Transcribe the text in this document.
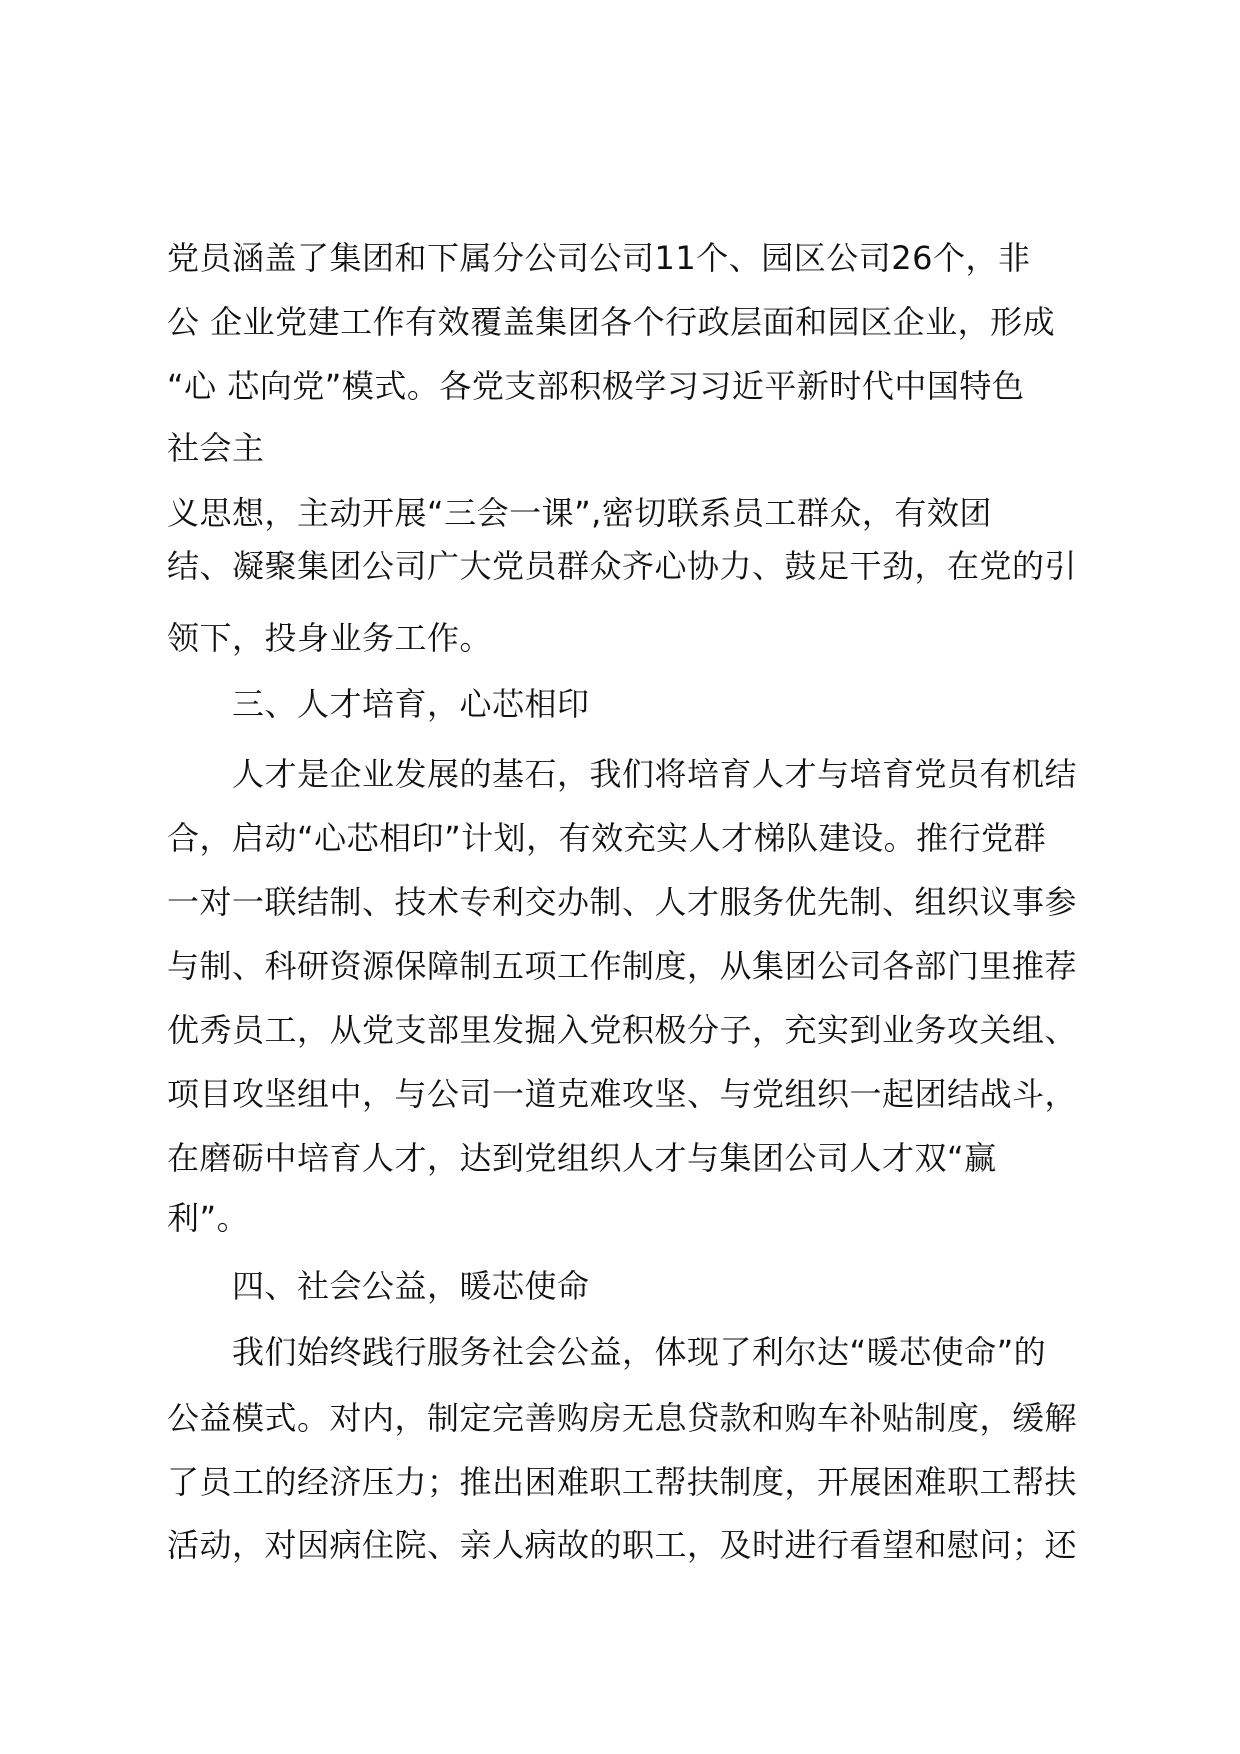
党员涵盖了集团和下属分公司公司11个、园区公司26个，非
公 企业党建工作有效覆盖集团各个行政层面和园区企业，形成
“心 芯向党”模式。各党支部积极学习习近平新时代中国特色
社会主
义思想，主动开展“三会一课”,密切联系员工群众，有效团
结、凝聚集团公司广大党员群众齐心协力、鼓足干劲，在党的引
领下，投身业务工作。
三、人才培育，心芯相印
人才是企业发展的基石，我们将培育人才与培育党员有机结
合，启动“心芯相印”计划，有效充实人才梯队建设。推行党群
一对一联结制、技术专利交办制、人才服务优先制、组织议事参
与制、科研资源保障制五项工作制度，从集团公司各部门里推荐
优秀员工，从党支部里发掘入党积极分子，充实到业务攻关组、
项目攻坚组中，与公司一道克难攻坚、与党组织一起团结战斗，
在磨砺中培育人才，达到党组织人才与集团公司人才双“赢
利”。
四、社会公益，暖芯使命
我们始终践行服务社会公益，体现了利尔达“暖芯使命”的
公益模式。对内，制定完善购房无息贷款和购车补贴制度，缓解
了员工的经济压力；推出困难职工帮扶制度，开展困难职工帮扶
活动，对因病住院、亲人病故的职工，及时进行看望和慰问；还
